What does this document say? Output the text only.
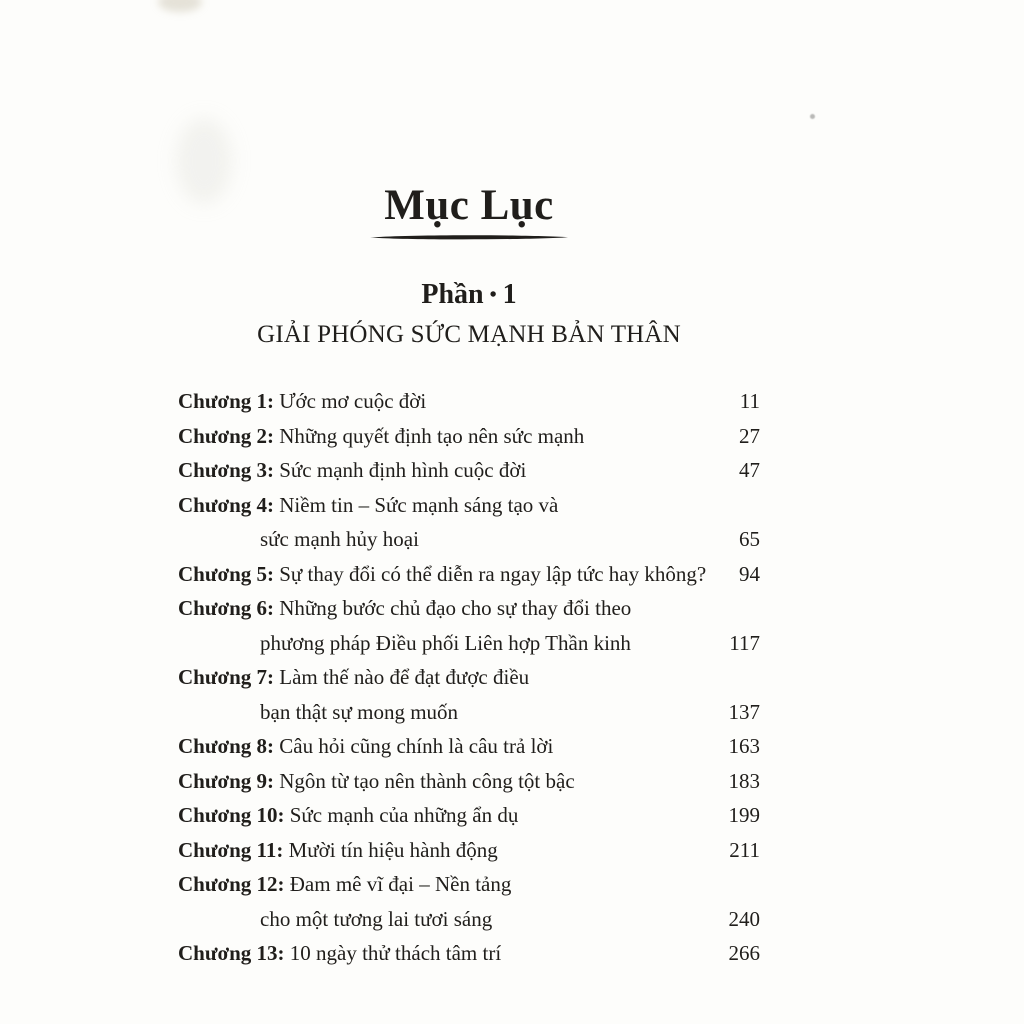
Mục Lục
Phần • 1
GIẢI PHÓNG SỨC MẠNH BẢN THÂN
Chương 1: Ước mơ cuộc đời	11
Chương 2: Những quyết định tạo nên sức mạnh	27
Chương 3: Sức mạnh định hình cuộc đời	47
Chương 4: Niềm tin – Sức mạnh sáng tạo và
sức mạnh hủy hoại	65
Chương 5: Sự thay đổi có thể diễn ra ngay lập tức hay không?	94
Chương 6: Những bước chủ đạo cho sự thay đổi theo
phương pháp Điều phối Liên hợp Thần kinh	117
Chương 7: Làm thế nào để đạt được điều
bạn thật sự mong muốn	137
Chương 8: Câu hỏi cũng chính là câu trả lời	163
Chương 9: Ngôn từ tạo nên thành công tột bậc	183
Chương 10: Sức mạnh của những ẩn dụ	199
Chương 11: Mười tín hiệu hành động	211
Chương 12: Đam mê vĩ đại – Nền tảng
cho một tương lai tươi sáng	240
Chương 13: 10 ngày thử thách tâm trí	266
